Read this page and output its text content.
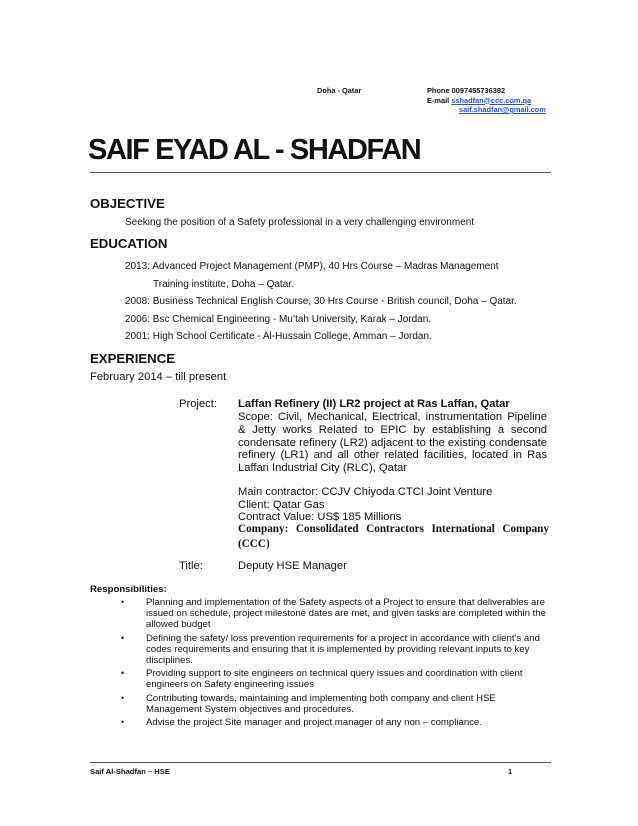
Doha - Qatar	Phone 0097455736382
E-mail sshadfan@ccc.com.qa
saif.shadfan@gmail.com
SAIF EYAD AL - SHADFAN
OBJECTIVE
Seeking the position of a Safety professional in a very challenging environment
EDUCATION
2013: Advanced Project Management (PMP), 40 Hrs Course – Madras Management
Training institute, Doha – Qatar.
2008: Business Technical English Course, 30 Hrs Course - British council, Doha – Qatar.
2006: Bsc Chemical Engineering - Mu’tah University, Karak – Jordan.
2001: High School Certificate - Al-Hussain College, Amman – Jordan.
EXPERIENCE
February 2014 – till present
Project: Laffan Refinery (II) LR2 project at Ras Laffan, Qatar
Scope: Civil, Mechanical, Electrical, instrumentation Pipeline & Jetty works Related to EPIC by establishing a second condensate refinery (LR2) adjacent to the existing condensate refinery (LR1) and all other related facilities, located in Ras Laffan Industrial City (RLC), Qatar
Main contractor: CCJV Chiyoda CTCI Joint Venture
Client: Qatar Gas
Contract Value: US$ 185 Millions
Company: Consolidated Contractors International Company (CCC)
Title:	Deputy HSE Manager
Responsibilities:
• Planning and implementation of the Safety aspects of a Project to ensure that deliverables are issued on schedule, project milestone dates are met, and given tasks are completed within the allowed budget
• Defining the safety/ loss prevention requirements for a project in accordance with client’s and codes requirements and ensuring that it is implemented by providing relevant inputs to key disciplines.
• Providing support to site engineers on technical query issues and coordination with client engineers on Safety engineering issues
• Contributing towards, maintaining and implementing both company and client HSE Management System objectives and procedures.
• Advise the project Site manager and project manager of any non – compliance.
Saif Al-Shadfan – HSE	1
